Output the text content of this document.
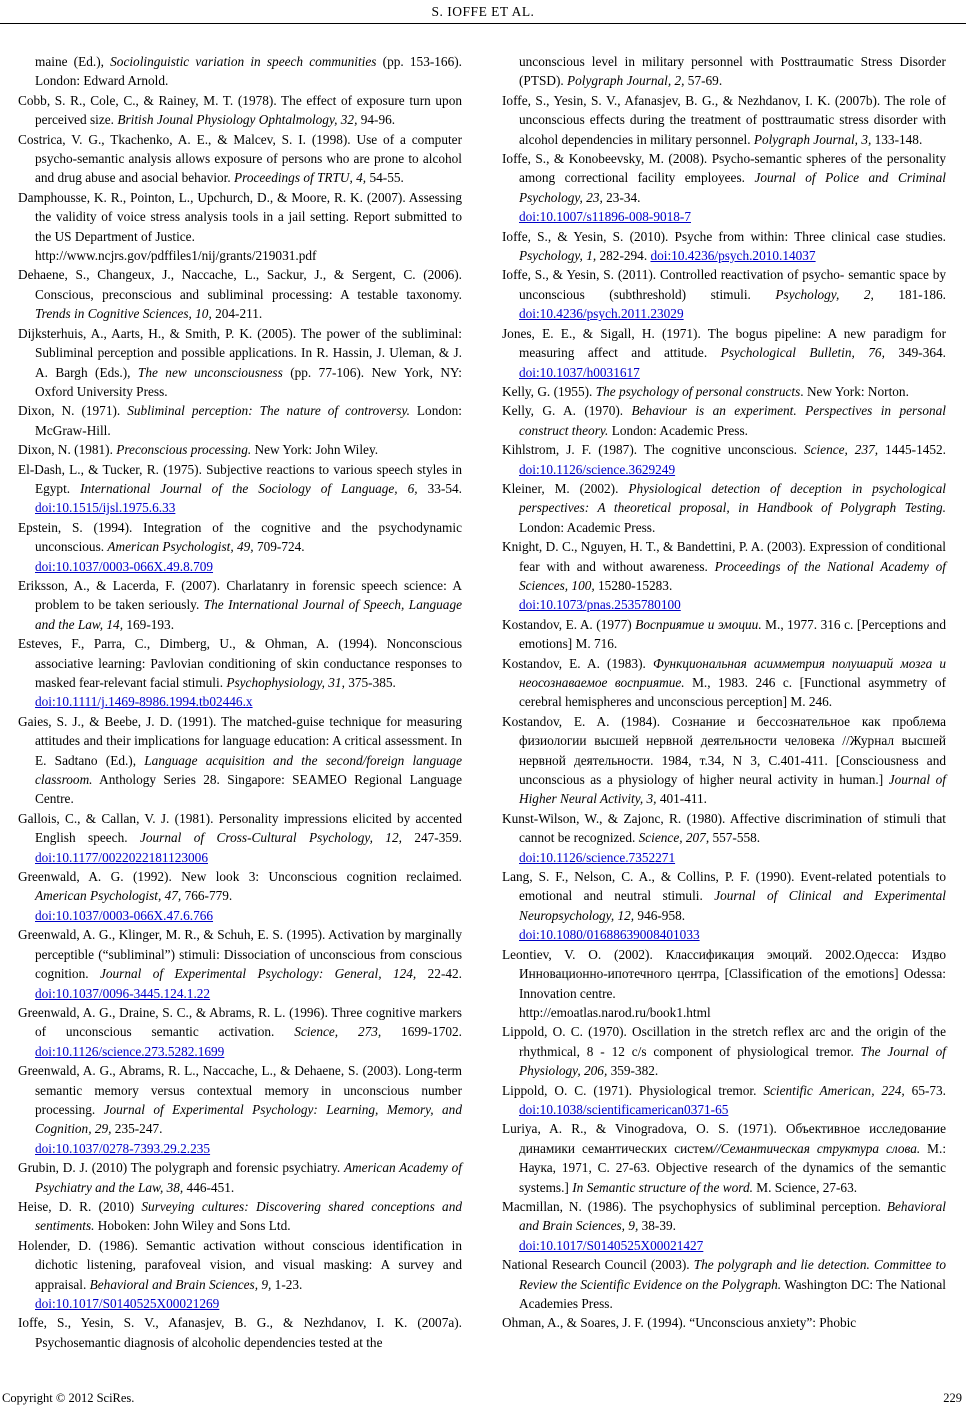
S. IOFFE ET AL.

maine (Ed.), Sociolinguistic variation in speech communities (pp. 153-166). London: Edward Arnold.

Cobb, S. R., Cole, C., & Rainey, M. T. (1978). The effect of exposure turn upon perceived size. British Jounal Physiology Ophtalmology, 32, 94-96.

Costrica, V. G., Tkachenko, A. E., & Malcev, S. I. (1998). Use of a computer psycho-semantic analysis allows exposure of persons who are prone to alcohol and drug abuse and asocial behavior. Proceedings of TRTU, 4, 54-55.

Damphousse, K. R., Pointon, L., Upchurch, D., & Moore, R. K. (2007). Assessing the validity of voice stress analysis tools in a jail setting. Report submitted to the US Department of Justice.
http://www.ncjrs.gov/pdffiles1/nij/grants/219031.pdf

Dehaene, S., Changeux, J., Naccache, L., Sackur, J., & Sergent, C. (2006). Conscious, preconscious and subliminal processing: A testable taxonomy. Trends in Cognitive Sciences, 10, 204-211.

Dijksterhuis, A., Aarts, H., & Smith, P. K. (2005). The power of the subliminal: Subliminal perception and possible applications. In R. Hassin, J. Uleman, & J. A. Bargh (Eds.), The new unconsciousness (pp. 77-106). New York, NY: Oxford University Press.

Dixon, N. (1971). Subliminal perception: The nature of controversy. London: McGraw-Hill.

Dixon, N. (1981). Preconscious processing. New York: John Wiley.

El-Dash, L., & Tucker, R. (1975). Subjective reactions to various speech styles in Egypt. International Journal of the Sociology of Language, 6, 33-54. doi:10.1515/ijsl.1975.6.33

Epstein, S. (1994). Integration of the cognitive and the psychodynamic unconscious. American Psychologist, 49, 709-724.
doi:10.1037/0003-066X.49.8.709

Eriksson, A., & Lacerda, F. (2007). Charlatanry in forensic speech science: A problem to be taken seriously. The International Journal of Speech, Language and the Law, 14, 169-193.

Esteves, F., Parra, C., Dimberg, U., & Ohman, A. (1994). Nonconscious associative learning: Pavlovian conditioning of skin conductance responses to masked fear-relevant facial stimuli. Psychophysiology, 31, 375-385.
doi:10.1111/j.1469-8986.1994.tb02446.x

Gaies, S. J., & Beebe, J. D. (1991). The matched-guise technique for measuring attitudes and their implications for language education: A critical assessment. In E. Sadtano (Ed.), Language acquisition and the second/foreign language classroom. Anthology Series 28. Singapore: SEAMEO Regional Language Centre.

Gallois, C., & Callan, V. J. (1981). Personality impressions elicited by accented English speech. Journal of Cross-Cultural Psychology, 12, 247-359. doi:10.1177/0022022181123006

Greenwald, A. G. (1992). New look 3: Unconscious cognition reclaimed. American Psychologist, 47, 766-779.
doi:10.1037/0003-066X.47.6.766

Greenwald, A. G., Klinger, M. R., & Schuh, E. S. (1995). Activation by marginally perceptible (“subliminal”) stimuli: Dissociation of unconscious from conscious cognition. Journal of Experimental Psychology: General, 124, 22-42. doi:10.1037/0096-3445.124.1.22

Greenwald, A. G., Draine, S. C., & Abrams, R. L. (1996). Three cognitive markers of unconscious semantic activation. Science, 273, 1699-1702. doi:10.1126/science.273.5282.1699

Greenwald, A. G., Abrams, R. L., Naccache, L., & Dehaene, S. (2003). Long-term semantic memory versus contextual memory in unconscious number processing. Journal of Experimental Psychology: Learning, Memory, and Cognition, 29, 235-247.
doi:10.1037/0278-7393.29.2.235

Grubin, D. J. (2010) The polygraph and forensic psychiatry. American Academy of Psychiatry and the Law, 38, 446-451.

Heise, D. R. (2010) Surveying cultures: Discovering shared conceptions and sentiments. Hoboken: John Wiley and Sons Ltd.

Holender, D. (1986). Semantic activation without conscious identification in dichotic listening, parafoveal vision, and visual masking: A survey and appraisal. Behavioral and Brain Sciences, 9, 1-23.
doi:10.1017/S0140525X00021269

Ioffe, S., Yesin, S. V., Afanasjev, B. G., & Nezhdanov, I. K. (2007a). Psychosemantic diagnosis of alcoholic dependencies tested at the

unconscious level in military personnel with Posttraumatic Stress Disorder (PTSD). Polygraph Journal, 2, 57-69.

Ioffe, S., Yesin, S. V., Afanasjev, B. G., & Nezhdanov, I. K. (2007b). The role of unconscious effects during the treatment of posttraumatic stress disorder with alcohol dependencies in military personnel. Polygraph Journal, 3, 133-148.

Ioffe, S., & Konobeevsky, M. (2008). Psycho-semantic spheres of the personality among correctional facility employees. Journal of Police and Criminal Psychology, 23, 23-34.
doi:10.1007/s11896-008-9018-7

Ioffe, S., & Yesin, S. (2010). Psyche from within: Three clinical case studies. Psychology, 1, 282-294. doi:10.4236/psych.2010.14037

Ioffe, S., & Yesin, S. (2011). Controlled reactivation of psycho- semantic space by unconscious (subthreshold) stimuli. Psychology, 2, 181-186. doi:10.4236/psych.2011.23029

Jones, E. E., & Sigall, H. (1971). The bogus pipeline: A new paradigm for measuring affect and attitude. Psychological Bulletin, 76, 349-364. doi:10.1037/h0031617

Kelly, G. (1955). The psychology of personal constructs. New York: Norton.

Kelly, G. A. (1970). Behaviour is an experiment. Perspectives in personal construct theory. London: Academic Press.

Kihlstrom, J. F. (1987). The cognitive unconscious. Science, 237, 1445-1452. doi:10.1126/science.3629249

Kleiner, M. (2002). Physiological detection of deception in psychological perspectives: A theoretical proposal, in Handbook of Polygraph Testing. London: Academic Press.

Knight, D. C., Nguyen, H. T., & Bandettini, P. A. (2003). Expression of conditional fear with and without awareness. Proceedings of the National Academy of Sciences, 100, 15280-15283.
doi:10.1073/pnas.2535780100

Kostandov, E. A. (1977) Восприятие и эмоции. M., 1977. 316 c. [Perceptions and emotions] M. 716.

Kostandov, E. A. (1983). Функциональная асимметрия полушарий мозга и неосознаваемое восприятие. M., 1983. 246 c. [Functional asymmetry of cerebral hemispheres and unconscious perception] M. 246.

Kostandov, E. A. (1984). Сознание и бессознательное как проблема физиологии высшей нервной деятельности человека //Журнал высшей нервной деятельности. 1984, т.34, N 3, С.401-411. [Consciousness and unconscious as a physiology of higher neural activity in human.] Journal of Higher Neural Activity, 3, 401-411.

Kunst-Wilson, W., & Zajonc, R. (1980). Affective discrimination of stimuli that cannot be recognized. Science, 207, 557-558.
doi:10.1126/science.7352271

Lang, S. F., Nelson, C. A., & Collins, P. F. (1990). Event-related potentials to emotional and neutral stimuli. Journal of Clinical and Experimental Neuropsychology, 12, 946-958.
doi:10.1080/01688639008401033

Leontiev, V. O. (2002). Классификация эмоций. 2002.Одесса: Издво Инновационно-ипотечного центра, [Classification of the emotions] Odessa: Innovation centre.
http://emoatlas.narod.ru/book1.html

Lippold, O. C. (1970). Oscillation in the stretch reflex arc and the origin of the rhythmical, 8 - 12 c/s component of physiological tremor. The Journal of Physiology, 206, 359-382.

Lippold, O. C. (1971). Physiological tremor. Scientific American, 224, 65-73. doi:10.1038/scientificamerican0371-65

Luriya, A. R., & Vinogradova, O. S. (1971). Объективное исследование динамики семантических систем//Семантическая структура слова. М.: Наука, 1971, С. 27-63. Objective research of the dynamics of the semantic systems.] In Semantic structure of the word. M. Science, 27-63.

Macmillan, N. (1986). The psychophysics of subliminal perception. Behavioral and Brain Sciences, 9, 38-39.
doi:10.1017/S0140525X00021427

National Research Council (2003). The polygraph and lie detection. Committee to Review the Scientific Evidence on the Polygraph. Washington DC: The National Academies Press.

Ohman, A., & Soares, J. F. (1994). “Unconscious anxiety”: Phobic

Copyright © 2012 SciRes.	229
